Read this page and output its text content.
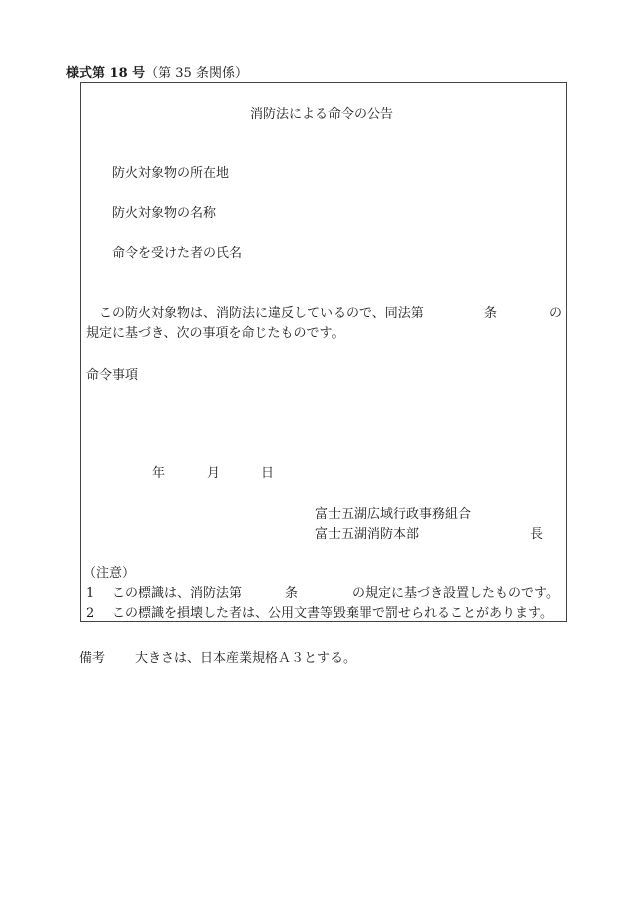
様式第 18 号（第 35 条関係）
消防法による命令の公告
防火対象物の所在地
防火対象物の名称
命令を受けた者の氏名
この防火対象物は、消防法に違反しているので、同法第	条	の
規定に基づき、次の事項を命じたものです。
命令事項
年	月	日
富士五湖広域行政事務組合
富士五湖消防本部	長
（注意）
1 この標識は、消防法第	条	の規定に基づき設置したものです。
2 この標識を損壊した者は、公用文書等毀棄罪で罰せられることがあります。
備考 大きさは、日本産業規格Ａ３とする。
